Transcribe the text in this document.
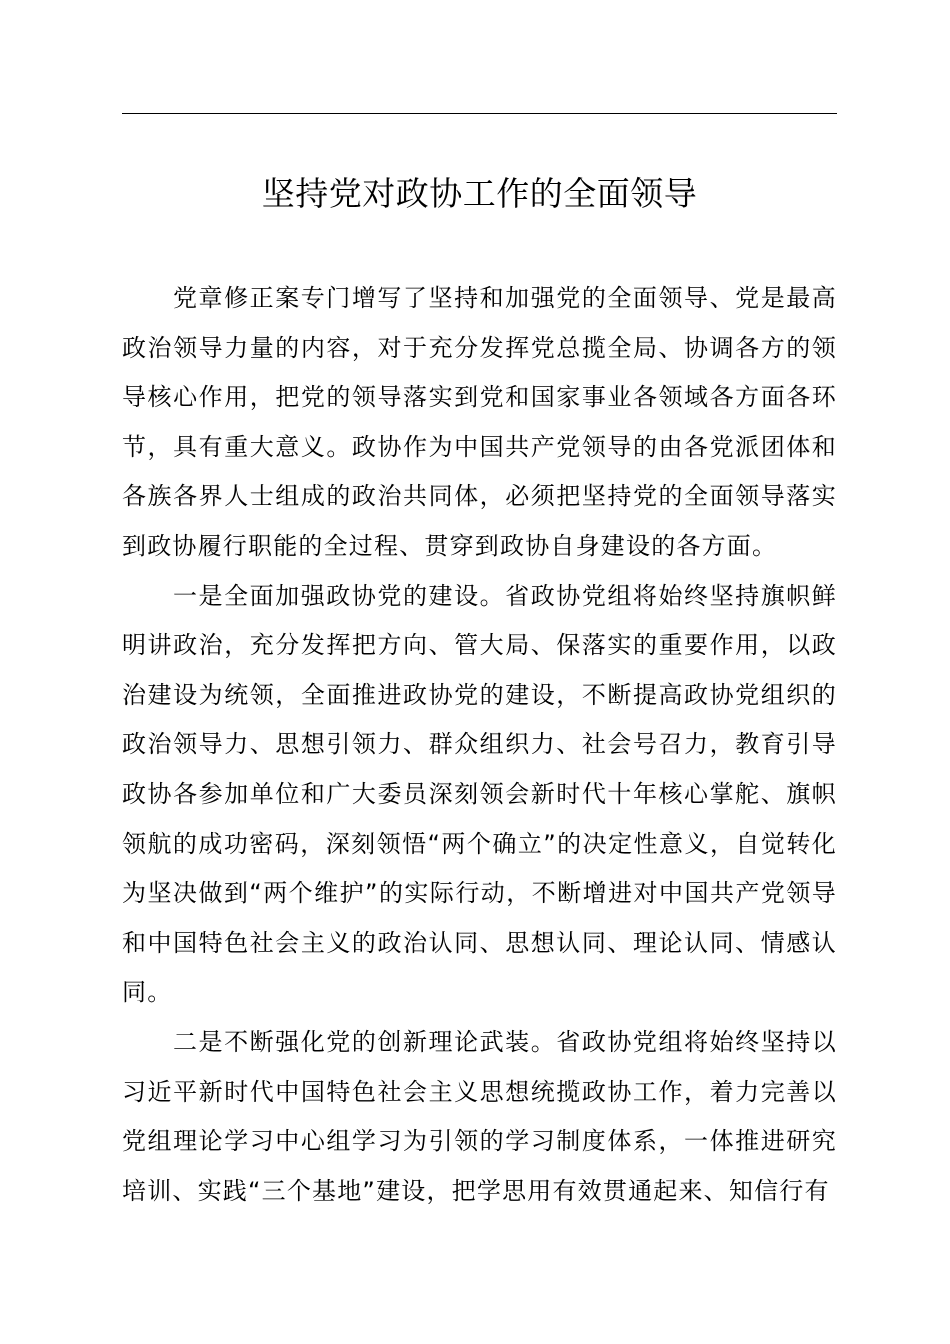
坚持党对政协工作的全面领导

党章修正案专门增写了坚持和加强党的全面领导、党是最高政治领导力量的内容，对于充分发挥党总揽全局、协调各方的领导核心作用，把党的领导落实到党和国家事业各领域各方面各环节，具有重大意义。政协作为中国共产党领导的由各党派团体和各族各界人士组成的政治共同体，必须把坚持党的全面领导落实到政协履行职能的全过程、贯穿到政协自身建设的各方面。

一是全面加强政协党的建设。省政协党组将始终坚持旗帜鲜明讲政治，充分发挥把方向、管大局、保落实的重要作用，以政治建设为统领，全面推进政协党的建设，不断提高政协党组织的政治领导力、思想引领力、群众组织力、社会号召力，教育引导政协各参加单位和广大委员深刻领会新时代十年核心掌舵、旗帜领航的成功密码，深刻领悟“两个确立”的决定性意义，自觉转化为坚决做到“两个维护”的实际行动，不断增进对中国共产党领导和中国特色社会主义的政治认同、思想认同、理论认同、情感认同。

二是不断强化党的创新理论武装。省政协党组将始终坚持以习近平新时代中国特色社会主义思想统揽政协工作，着力完善以党组理论学习中心组学习为引领的学习制度体系，一体推进研究培训、实践“三个基地”建设，把学思用有效贯通起来、知信行有
